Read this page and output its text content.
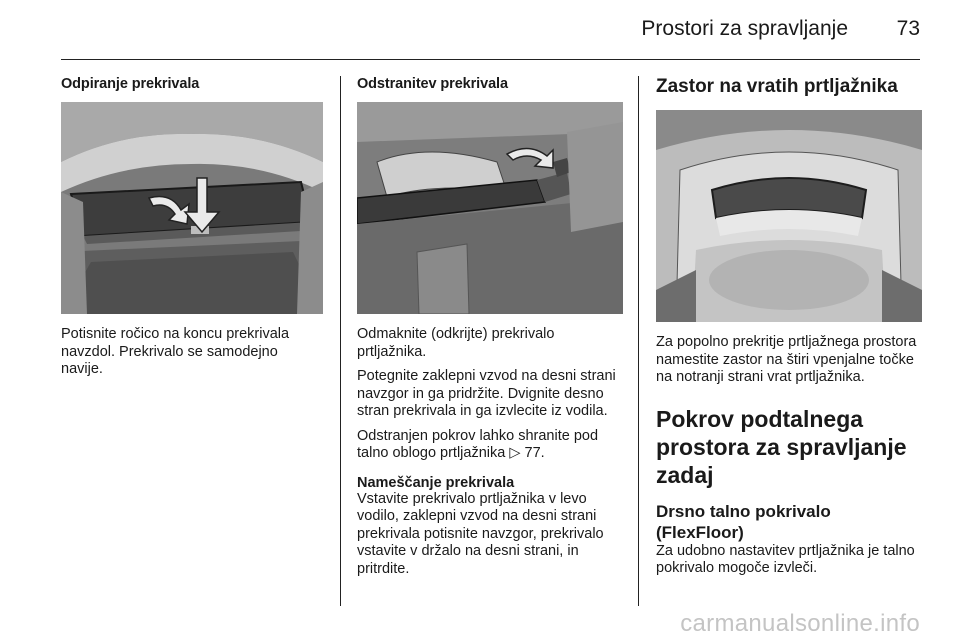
Prostori za spravljanje 73
Odpiranje prekrivala

Potisnite ročico na koncu prekrivala navzdol. Prekrivalo se samodejno navije.

Odstranitev prekrivala

Odmaknite (odkrijte) prekrivalo prtljažnika.

Potegnite zaklepni vzvod na desni strani navzgor in ga pridržite. Dvignite desno stran prekrivala in ga izvlecite iz vodila.

Odstranjen pokrov lahko shranite pod talno oblogo prtljažnika ▷ 77.

Nameščanje prekrivala

Vstavite prekrivalo prtljažnika v levo vodilo, zaklepni vzvod na desni strani prekrivala potisnite navzgor, prekrivalo vstavite v držalo na desni strani, in pritrdite.

Zastor na vratih prtljažnika

Za popolno prekritje prtljažnega prostora namestite zastor na štiri vpenjalne točke na notranji strani vrat prtljažnika.

Pokrov podtalnega prostora za spravljanje zadaj
Drsno talno pokrivalo (FlexFloor)

Za udobno nastavitev prtljažnika je talno pokrivalo mogoče izvleči.

carmanualsonline.info
